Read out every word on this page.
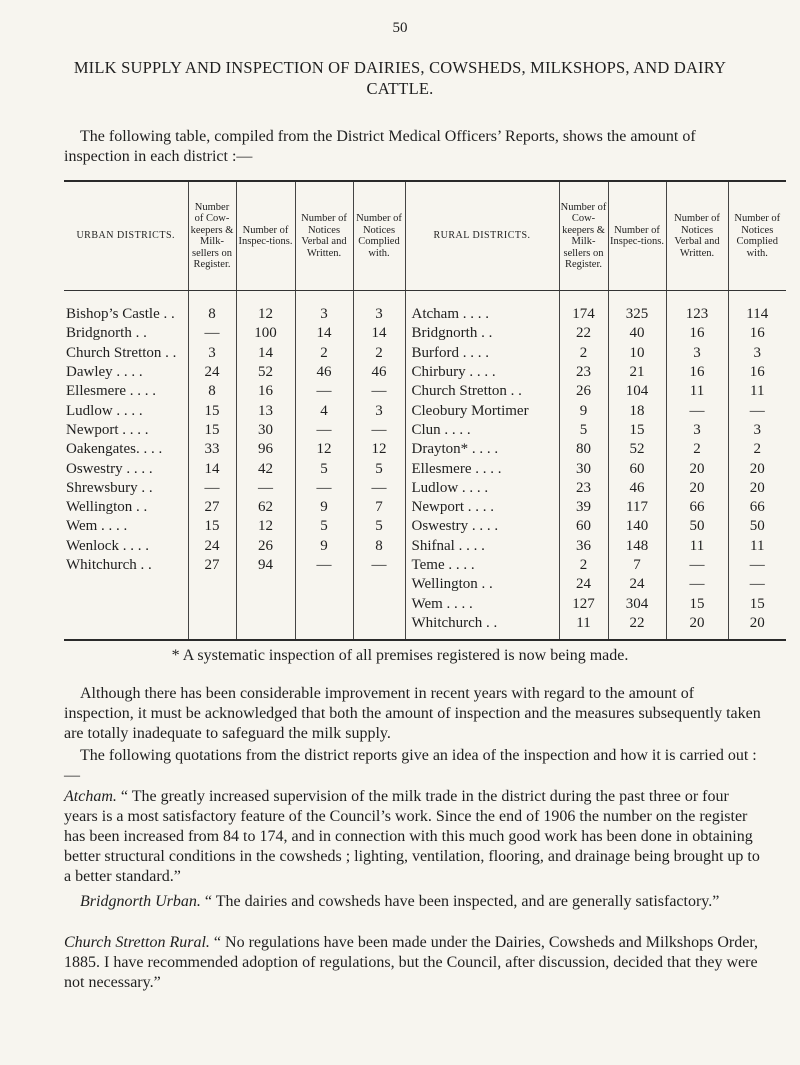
50
MILK SUPPLY AND INSPECTION OF DAIRIES, COWSHEDS, MILKSHOPS, AND DAIRY CATTLE.
The following table, compiled from the District Medical Officers’ Reports, shows the amount of inspection in each district :—
URBAN DISTRICTS.	Number of Cow-keepers & Milk-sellers on Register.	Number of Inspec-tions.	Number of Notices Verbal and Written.	Number of Notices Complied with.	RURAL DISTRICTS.	Number of Cow-keepers & Milk-sellers on Register.	Number of Inspec-tions.	Number of Notices Verbal and Written.	Number of Notices Complied with.
Bishop’s Castle . .	8	12	3	3	Atcham . . . .	174	325	123	114
Bridgnorth . .	—	100	14	14	Bridgnorth . .	22	40	16	16
Church Stretton . .	3	14	2	2	Burford . . . .	2	10	3	3
Dawley . . . .	24	52	46	46	Chirbury . . . .	23	21	16	16
Ellesmere . . . .	8	16	—	—	Church Stretton . .	26	104	11	11
Ludlow . . . .	15	13	4	3	Cleobury Mortimer	9	18	—	—
Newport . . . .	15	30	—	—	Clun . . . .	5	15	3	3
Oakengates. . . .	33	96	12	12	Drayton* . . . .	80	52	2	2
Oswestry . . . .	14	42	5	5	Ellesmere . . . .	30	60	20	20
Shrewsbury . .	—	—	—	—	Ludlow . . . .	23	46	20	20
Wellington . .	27	62	9	7	Newport . . . .	39	117	66	66
Wem . . . .	15	12	5	5	Oswestry . . . .	60	140	50	50
Wenlock . . . .	24	26	9	8	Shifnal . . . .	36	148	11	11
Whitchurch . .	27	94	—	—	Teme . . . .	2	7	—	—
					Wellington . .	24	24	—	—
					Wem . . . .	127	304	15	15
					Whitchurch . .	11	22	20	20
* A systematic inspection of all premises registered is now being made.

Although there has been considerable improvement in recent years with regard to the amount of inspection, it must be acknowledged that both the amount of inspection and the measures subsequently taken are totally inadequate to safeguard the milk supply.

The following quotations from the district reports give an idea of the inspection and how it is carried out :—

Atcham. “ The greatly increased supervision of the milk trade in the district during the past three or four years is a most satisfactory feature of the Council’s work. Since the end of 1906 the number on the register has been increased from 84 to 174, and in connection with this much good work has been done in obtaining better structural conditions in the cowsheds ; lighting, ventilation, flooring, and drainage being brought up to a better standard.”

Bridgnorth Urban. “ The dairies and cowsheds have been inspected, and are generally satisfactory.”

Church Stretton Rural. “ No regulations have been made under the Dairies, Cowsheds and Milkshops Order, 1885. I have recommended adoption of regulations, but the Council, after discussion, decided that they were not necessary.”
